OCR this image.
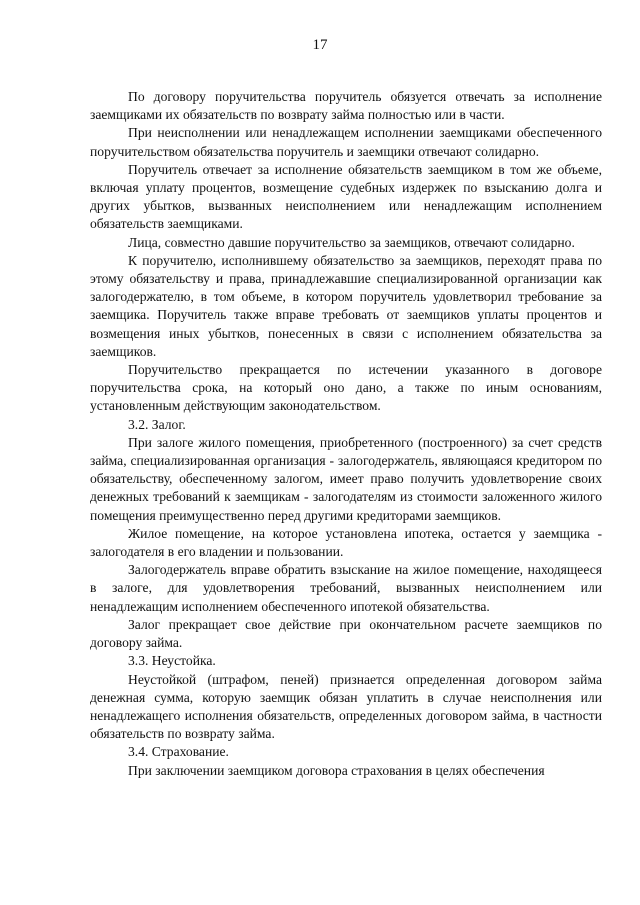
17

По договору поручительства поручитель обязуется отвечать за исполнение заемщиками их обязательств по возврату займа полностью или в части.

При неисполнении или ненадлежащем исполнении заемщиками обеспеченного поручительством обязательства поручитель и заемщики отвечают солидарно.

Поручитель отвечает за исполнение обязательств заемщиком в том же объеме, включая уплату процентов, возмещение судебных издержек по взысканию долга и других убытков, вызванных неисполнением или ненадлежащим исполнением обязательств заемщиками.

Лица, совместно давшие поручительство за заемщиков, отвечают солидарно.

К поручителю, исполнившему обязательство за заемщиков, переходят права по этому обязательству и права, принадлежавшие специализированной организации как залогодержателю, в том объеме, в котором поручитель удовлетворил требование за заемщика. Поручитель также вправе требовать от заемщиков уплаты процентов и возмещения иных убытков, понесенных в связи с исполнением обязательства за заемщиков.

Поручительство прекращается по истечении указанного в договоре поручительства срока, на который оно дано, а также по иным основаниям, установленным действующим законодательством.

3.2. Залог.

При залоге жилого помещения, приобретенного (построенного) за счет средств займа, специализированная организация - залогодержатель, являющаяся кредитором по обязательству, обеспеченному залогом, имеет право получить удовлетворение своих денежных требований к заемщикам - залогодателям из стоимости заложенного жилого помещения преимущественно перед другими кредиторами заемщиков.

Жилое помещение, на которое установлена ипотека, остается у заемщика - залогодателя в его владении и пользовании.

Залогодержатель вправе обратить взыскание на жилое помещение, находящееся в залоге, для удовлетворения требований, вызванных неисполнением или ненадлежащим исполнением обеспеченного ипотекой обязательства.

Залог прекращает свое действие при окончательном расчете заемщиков по договору займа.

3.3. Неустойка.

Неустойкой (штрафом, пеней) признается определенная договором займа денежная сумма, которую заемщик обязан уплатить в случае неисполнения или ненадлежащего исполнения обязательств, определенных договором займа, в частности обязательств по возврату займа.

3.4. Страхование.

При заключении заемщиком договора страхования в целях обеспечения
